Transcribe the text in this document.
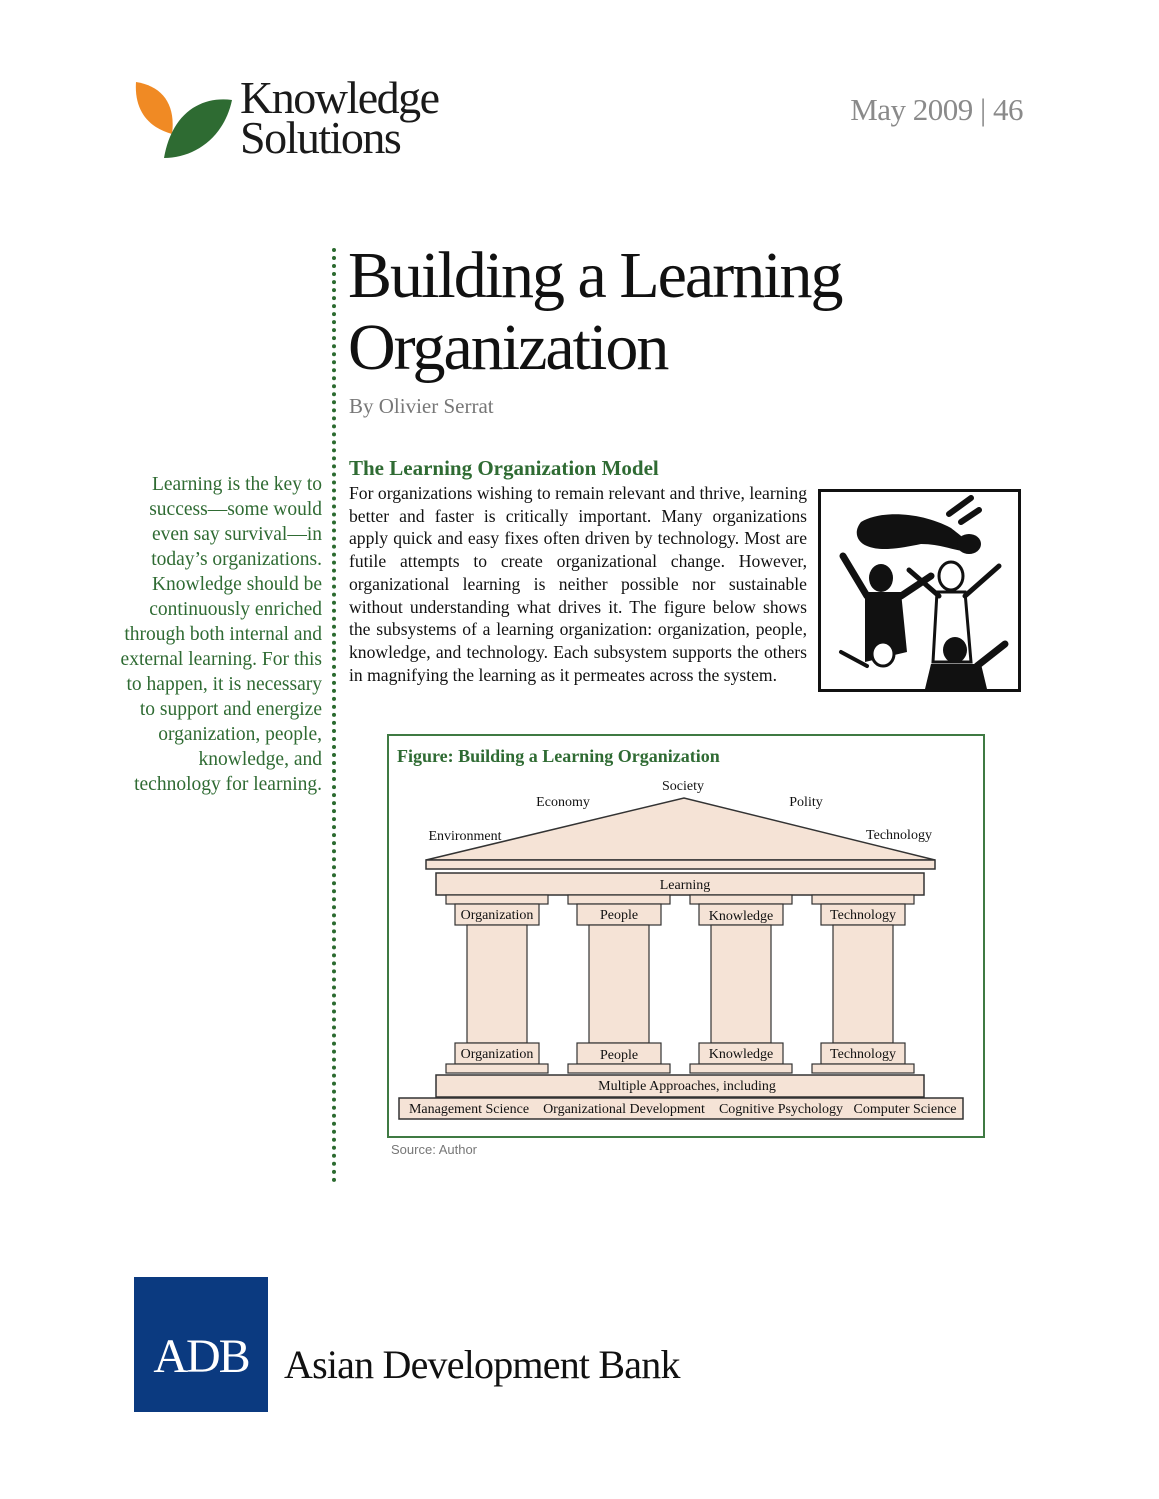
Knowledge
Solutions
May 2009 | 46
Building a Learning Organization
By Olivier Serrat
Learning is the key to success—some would even say survival—in today’s organizations. Knowledge should be continuously enriched through both internal and external learning. For this to happen, it is necessary to support and energize organization, people, knowledge, and technology for learning.
The Learning Organization Model
For organizations wishing to remain relevant and thrive, learning better and faster is critically important. Many organizations apply quick and easy fixes often driven by technology. Most are futile attempts to create organizational change. However, organizational learning is neither possible nor sustainable without understanding what drives it. The figure below shows the subsystems of a learning organization: organization, people, knowledge, and technology. Each subsystem supports the others in magnifying the learning as it permeates across the system.
Figure: Building a Learning Organization
Society
Economy	Polity
Environment	Technology
Learning
Organization
Organization
People
People
Knowledge
Knowledge
Technology
Technology
Multiple Approaches, including
Management Science Organizational Development Cognitive Psychology Computer Science
Source: Author
ADB Asian Development Bank
